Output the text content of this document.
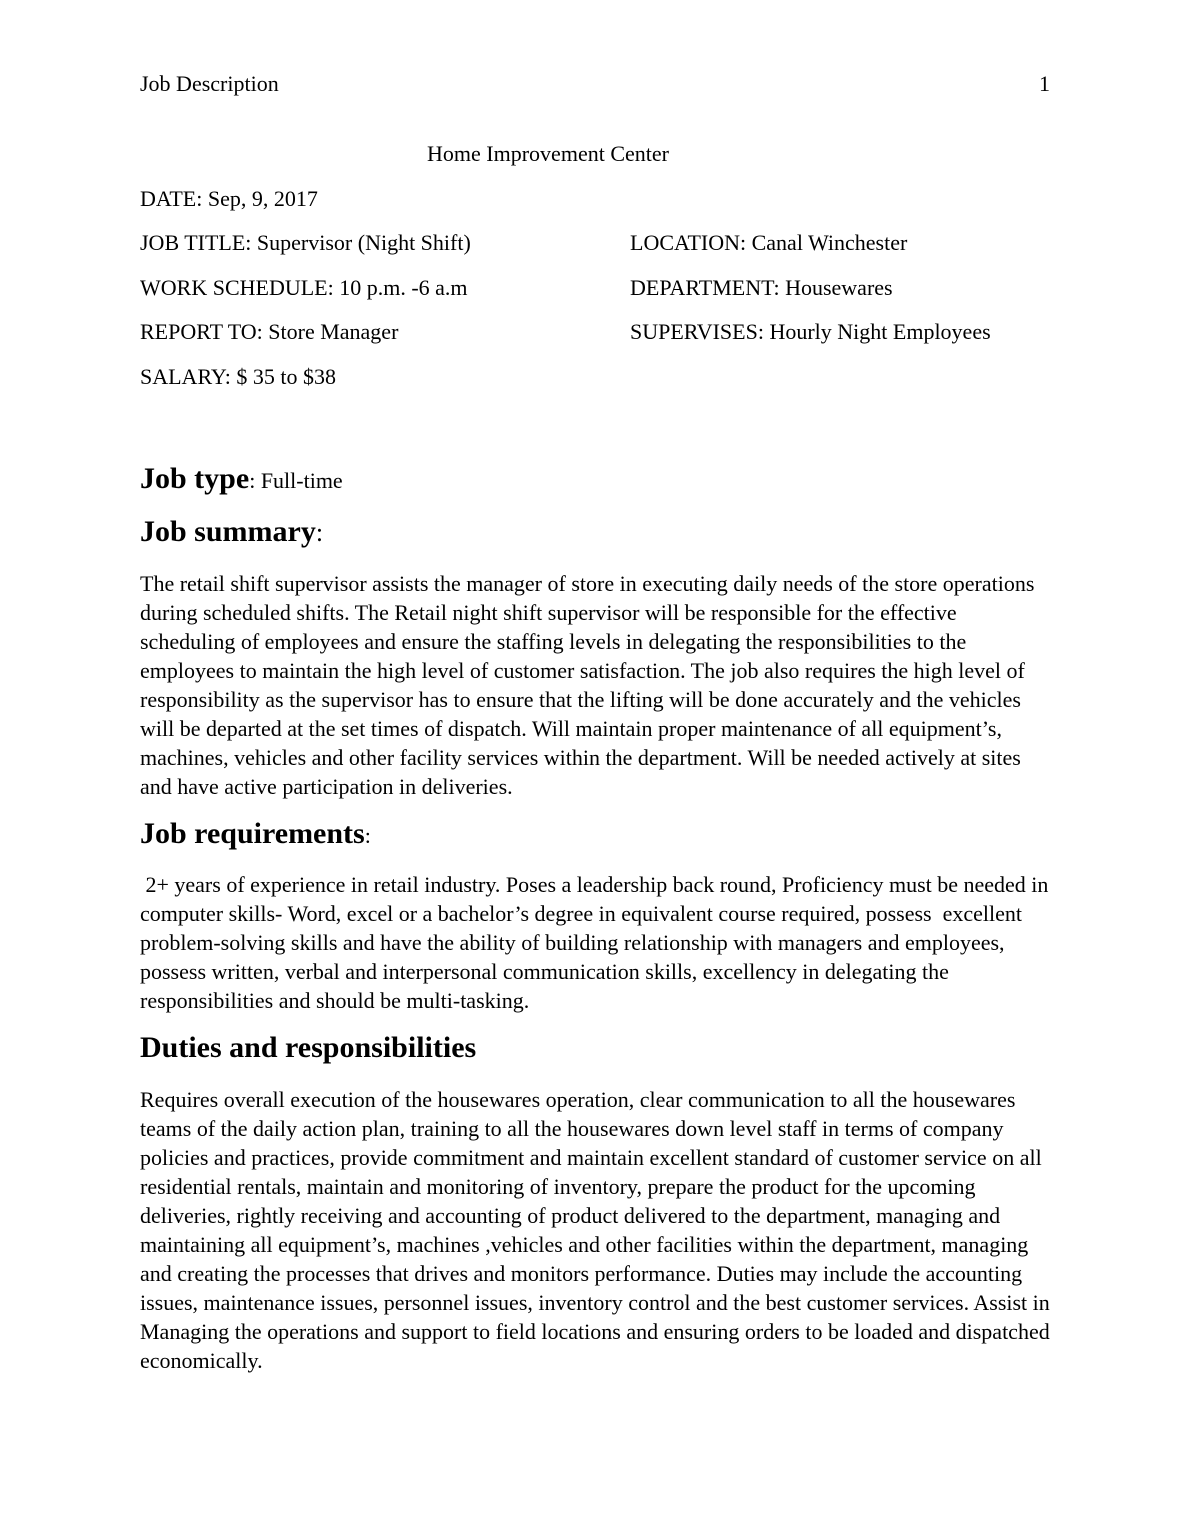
Job Description	1
Home Improvement Center
DATE: Sep, 9, 2017
JOB TITLE: Supervisor (Night Shift)	LOCATION: Canal Winchester
WORK SCHEDULE: 10 p.m. -6 a.m	DEPARTMENT: Housewares
REPORT TO: Store Manager	SUPERVISES: Hourly Night Employees
SALARY: $ 35 to $38
Job type: Full-time
Job summary:

The retail shift supervisor assists the manager of store in executing daily needs of the store operations during scheduled shifts. The Retail night shift supervisor will be responsible for the effective scheduling of employees and ensure the staffing levels in delegating the responsibilities to the employees to maintain the high level of customer satisfaction. The job also requires the high level of responsibility as the supervisor has to ensure that the lifting will be done accurately and the vehicles will be departed at the set times of dispatch. Will maintain proper maintenance of all equipment’s, machines, vehicles and other facility services within the department. Will be needed actively at sites and have active participation in deliveries.

Job requirements:

2+ years of experience in retail industry. Poses a leadership back round, Proficiency must be needed in computer skills- Word, excel or a bachelor’s degree in equivalent course required, possess  excellent problem-solving skills and have the ability of building relationship with managers and employees, possess written, verbal and interpersonal communication skills, excellency in delegating the responsibilities and should be multi-tasking.

Duties and responsibilities

Requires overall execution of the housewares operation, clear communication to all the housewares teams of the daily action plan, training to all the housewares down level staff in terms of company policies and practices, provide commitment and maintain excellent standard of customer service on all residential rentals, maintain and monitoring of inventory, prepare the product for the upcoming deliveries, rightly receiving and accounting of product delivered to the department, managing and maintaining all equipment’s, machines ,vehicles and other facilities within the department, managing and creating the processes that drives and monitors performance. Duties may include the accounting issues, maintenance issues, personnel issues, inventory control and the best customer services. Assist in Managing the operations and support to field locations and ensuring orders to be loaded and dispatched economically.
